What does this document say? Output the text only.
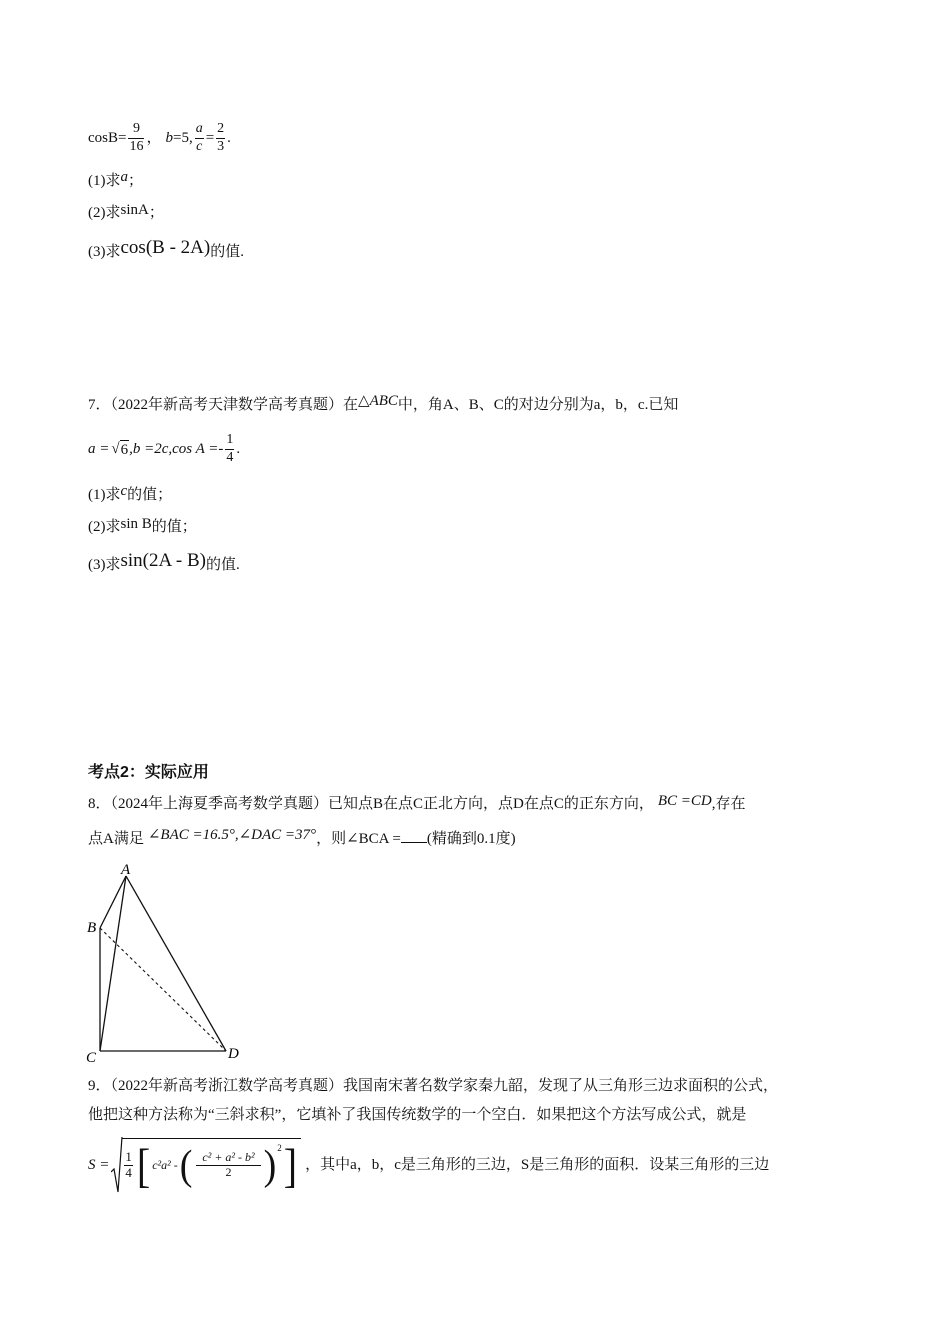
$\cos B = \frac{9}{16}$ ， b =5, $\frac{a}{c} = \frac{2}{3}$ .
(1)求a；
(2)求sinA；
(3)求cos(B - 2A)的值.
7．（2022年新高考天津数学高考真题）在△ABC中，角A、B、C的对边分别为a，b，c.已知
a = √ 6 ,b =2c,cos $A =- \frac{1}{4}$ .
(1)求c的值；
(2)求sin B的值；
(3)求sin(2A - B)的值.
考点2：实际应用
8．（2024年上海夏季高考数学真题）已知点B在点C正北方向，点D在点C的正东方向， BC =CD,存在
点A满足 ∠BAC =16.5°,∠DAC =37°，则∠BCA = (精确到0.1度)
A
B
C	D
9．（2022年新高考浙江数学高考真题）我国南宋著名数学家秦九韶，发现了从三角形三边求面积的公式，
他把这种方法称为“三斜求积”，它填补了我国传统数学的一个空白．如果把这个方法写成公式，就是
$S = \frac{1}{4}$ [ c²a² - ( $\frac{\text{c² + a² - b²}}{2}$ ) 2 ] ，其中a，b，c是三角形的三边，S是三角形的面积．设某三角形的三边
